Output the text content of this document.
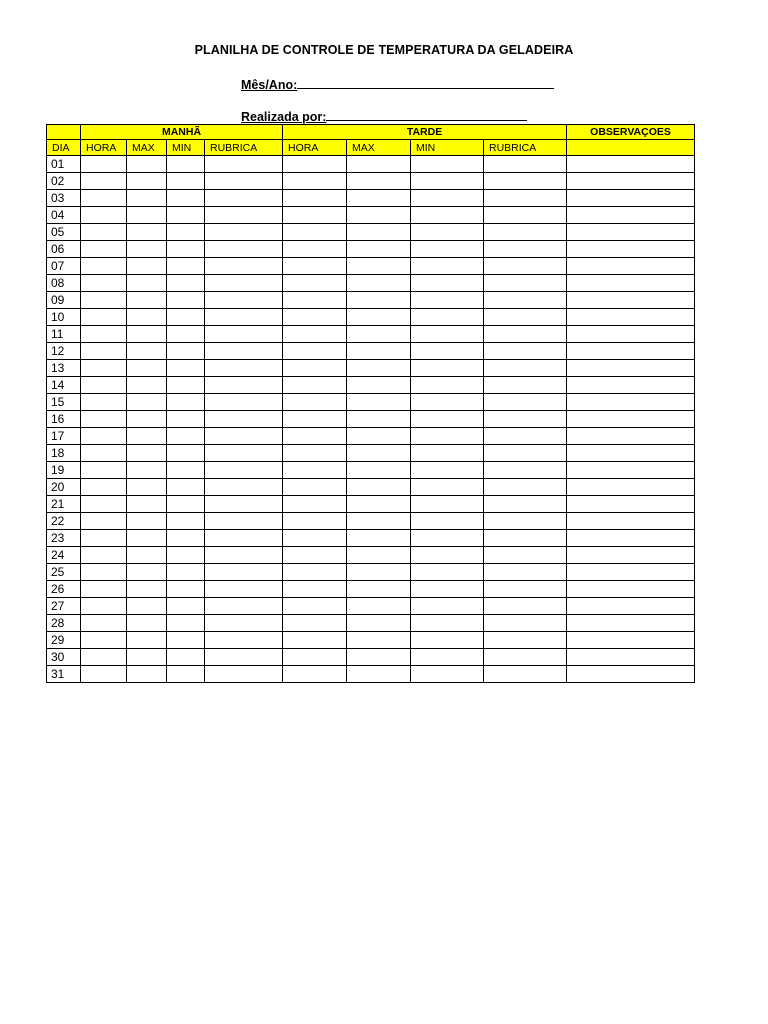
PLANILHA DE CONTROLE DE TEMPERATURA DA GELADEIRA
Mês/Ano:
Realizada por:
	MANHÃ				TARDE				OBSERVAÇOES
DIA	HORA	MAX	MIN	RUBRICA	HORA	MAX	MIN	RUBRICA	
01									
02									
03									
04									
05									
06									
07									
08									
09									
10									
11									
12									
13									
14									
15									
16									
17									
18									
19									
20									
21									
22									
23									
24									
25									
26									
27									
28									
29									
30									
31									
